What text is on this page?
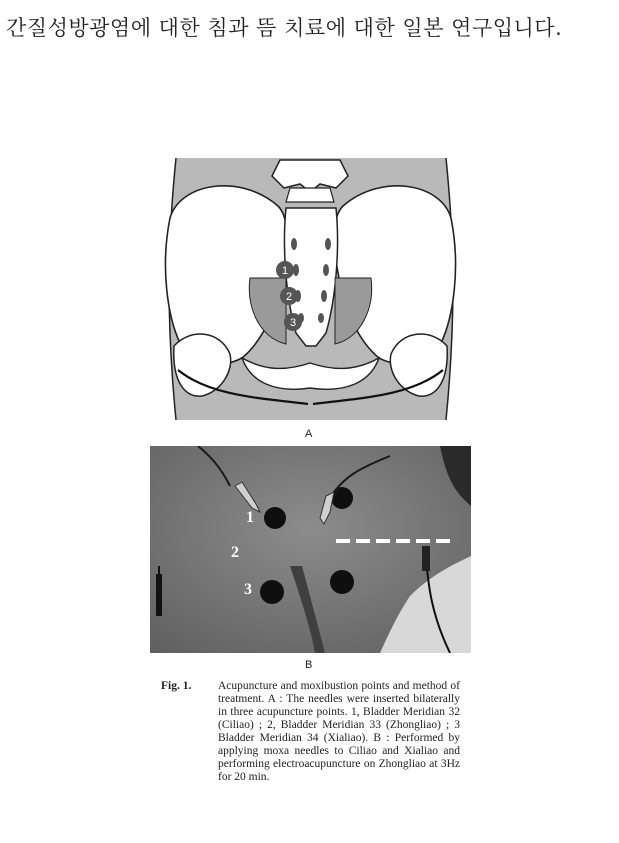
간질성방광염에 대한 침과 뜸 치료에 대한 일본 연구입니다.

1
2
3
A
1
2
3
B
Fig. 1. Acupuncture and moxibustion points and method of treatment. A : The needles were inserted bilaterally in three acupuncture points. 1, Bladder Meridian 32 (Ciliao) ; 2, Bladder Meridian 33 (Zhongliao) ; 3 Bladder Meridian 34 (Xialiao). B : Performed by applying moxa needles to Ciliao and Xialiao and performing electroacupuncture on Zhongliao at 3Hz for 20 min.
